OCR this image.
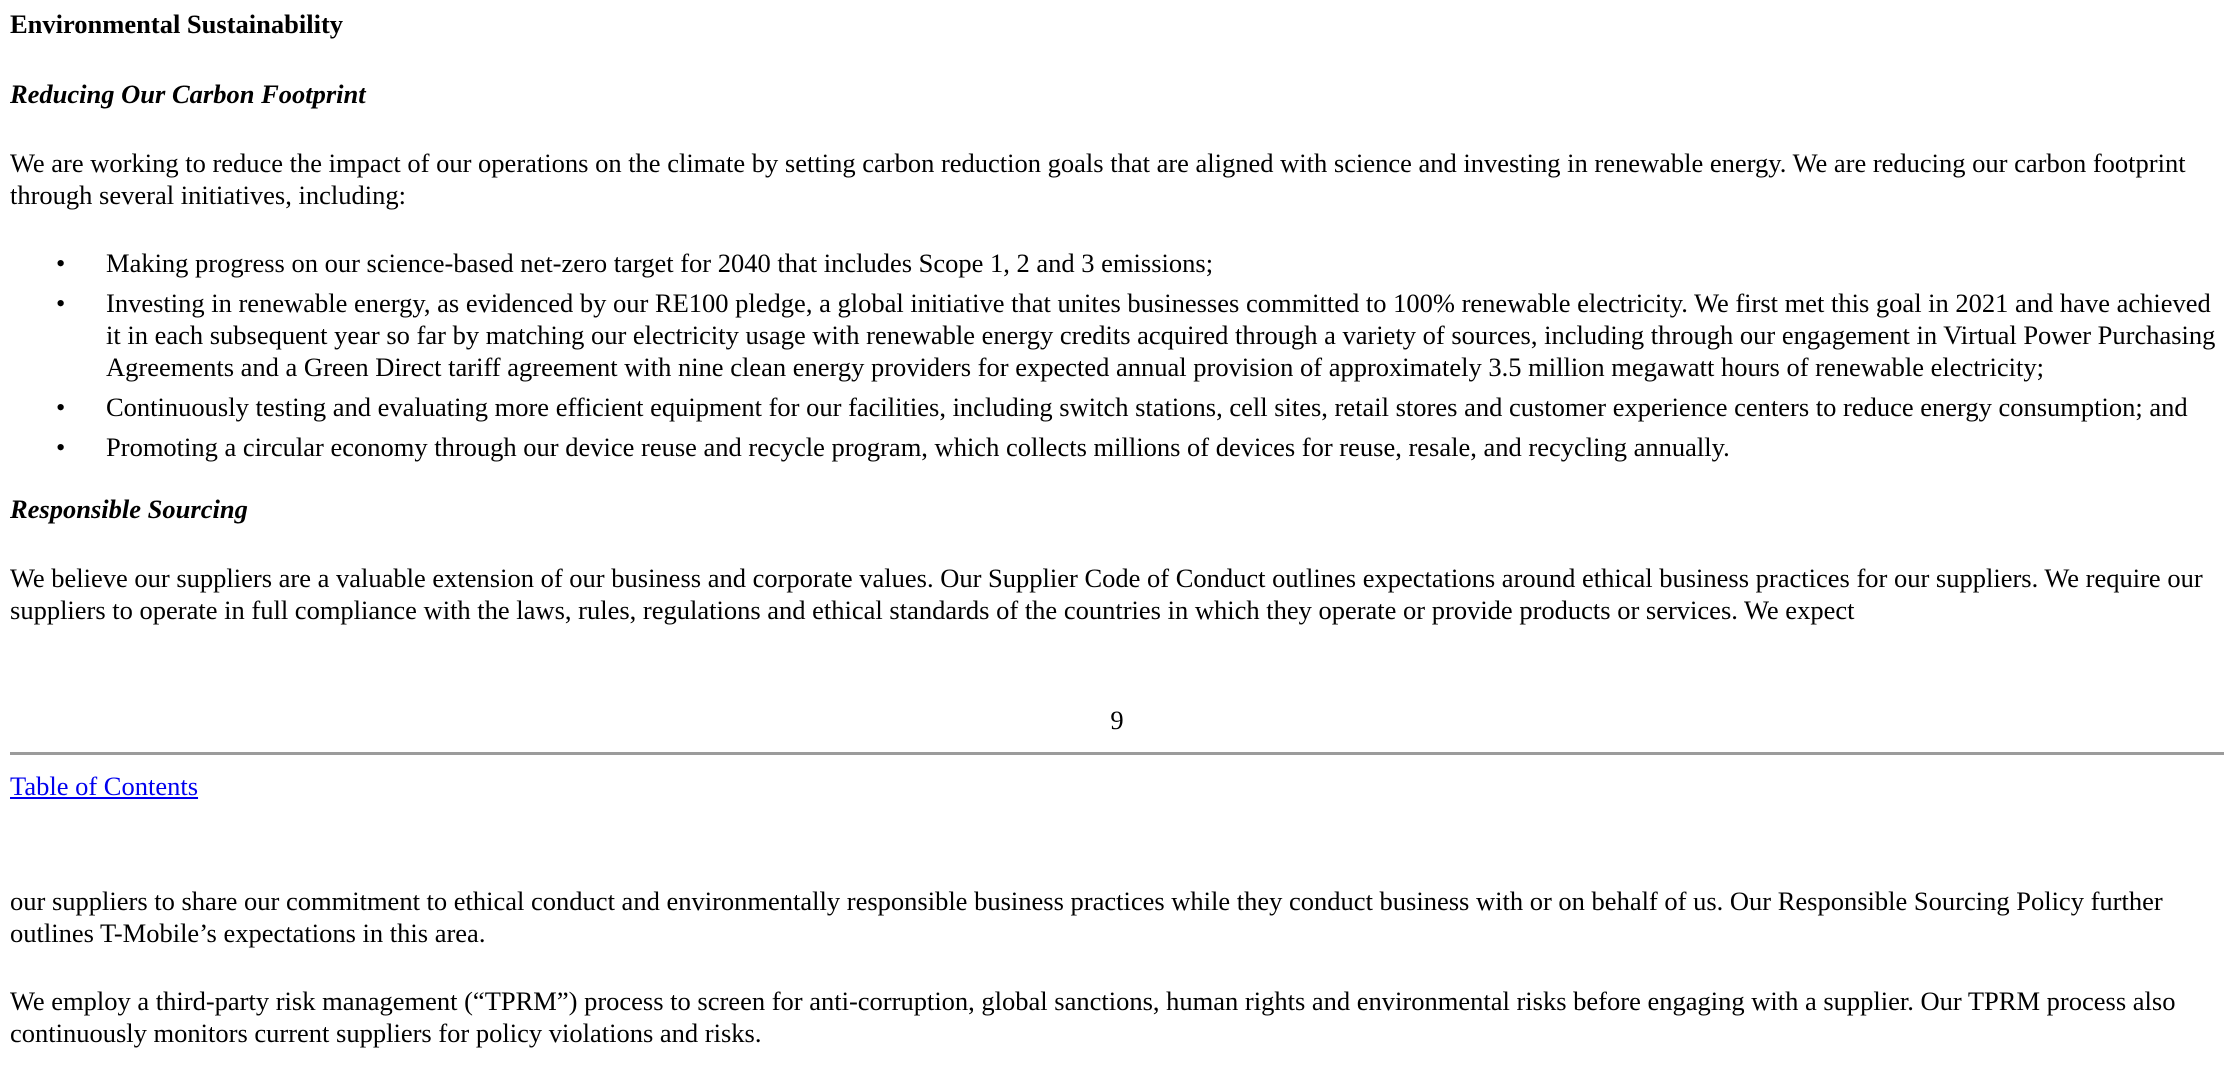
Environmental Sustainability
Reducing Our Carbon Footprint

We are working to reduce the impact of our operations on the climate by setting carbon reduction goals that are aligned with science and investing in renewable energy. We are reducing our carbon footprint through several initiatives, including:

• Making progress on our science-based net-zero target for 2040 that includes Scope 1, 2 and 3 emissions;
• Investing in renewable energy, as evidenced by our RE100 pledge, a global initiative that unites businesses committed to 100% renewable electricity. We first met this goal in 2021 and have achieved it in each subsequent year so far by matching our electricity usage with renewable energy credits acquired through a variety of sources, including through our engagement in Virtual Power Purchasing Agreements and a Green Direct tariff agreement with nine clean energy providers for expected annual provision of approximately 3.5 million megawatt hours of renewable electricity;
• Continuously testing and evaluating more efficient equipment for our facilities, including switch stations, cell sites, retail stores and customer experience centers to reduce energy consumption; and
• Promoting a circular economy through our device reuse and recycle program, which collects millions of devices for reuse, resale, and recycling annually.
Responsible Sourcing

We believe our suppliers are a valuable extension of our business and corporate values. Our Supplier Code of Conduct outlines expectations around ethical business practices for our suppliers. We require our suppliers to operate in full compliance with the laws, rules, regulations and ethical standards of the countries in which they operate or provide products or services. We expect

9
Table of Contents

our suppliers to share our commitment to ethical conduct and environmentally responsible business practices while they conduct business with or on behalf of us. Our Responsible Sourcing Policy further outlines T-Mobile’s expectations in this area.

We employ a third-party risk management (“TPRM”) process to screen for anti-corruption, global sanctions, human rights and environmental risks before engaging with a supplier. Our TPRM process also continuously monitors current suppliers for policy violations and risks.
